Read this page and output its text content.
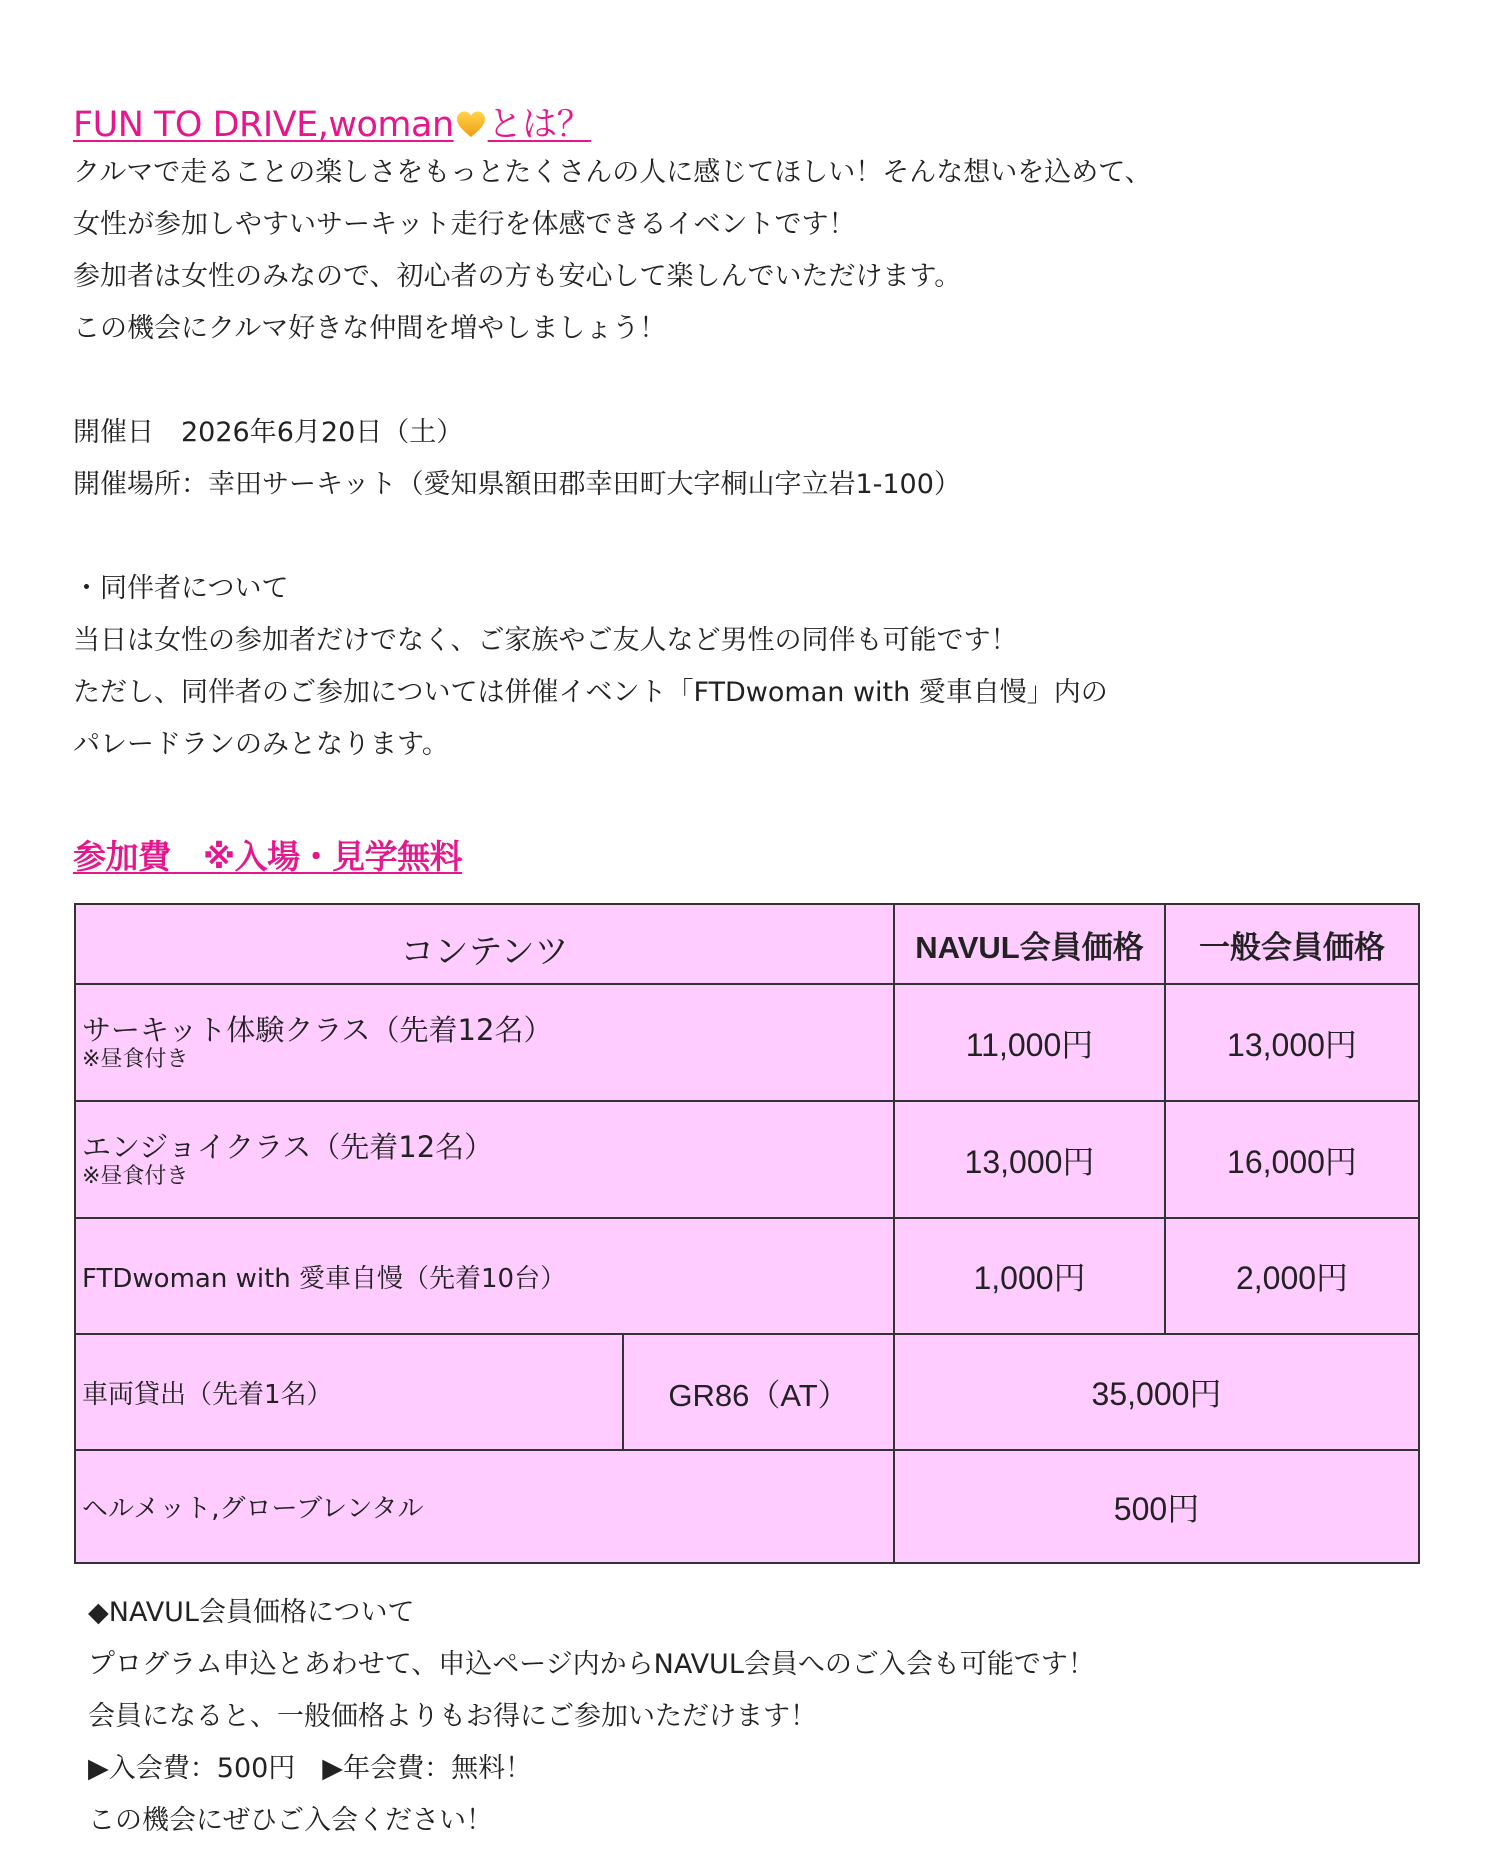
FUN TO DRIVE,woman とは？
クルマで走ることの楽しさをもっとたくさんの人に感じてほしい！そんな想いを込めて、
女性が参加しやすいサーキット走行を体感できるイベントです！
参加者は女性のみなので、初心者の方も安心して楽しんでいただけます。
この機会にクルマ好きな仲間を増やしましょう！
開催日　2026年6月20日（土）
開催場所：幸田サーキット（愛知県額田郡幸田町大字桐山字立岩1-100）
・同伴者について
当日は女性の参加者だけでなく、ご家族やご友人など男性の同伴も可能です！
ただし、同伴者のご参加については併催イベント「FTDwoman with 愛車自慢」内の
パレードランのみとなります。
参加費　※入場・見学無料
コンテンツ		NAVUL会員価格	一般会員価格

サーキット体験クラス（先着12名）
※昼食付き		11,000円	13,000円

エンジョイクラス（先着12名）
※昼食付き		13,000円	16,000円
FTDwoman with 愛車自慢（先着10台）		1,000円	2,000円
車両貸出（先着1名）	GR86（AT）	35,000円	
ヘルメット,グローブレンタル		500円	
◆NAVUL会員価格について
プログラム申込とあわせて、申込ページ内からNAVUL会員へのご入会も可能です！
会員になると、一般価格よりもお得にご参加いただけます！
▶入会費：500円　▶年会費：無料！
この機会にぜひご入会ください！
